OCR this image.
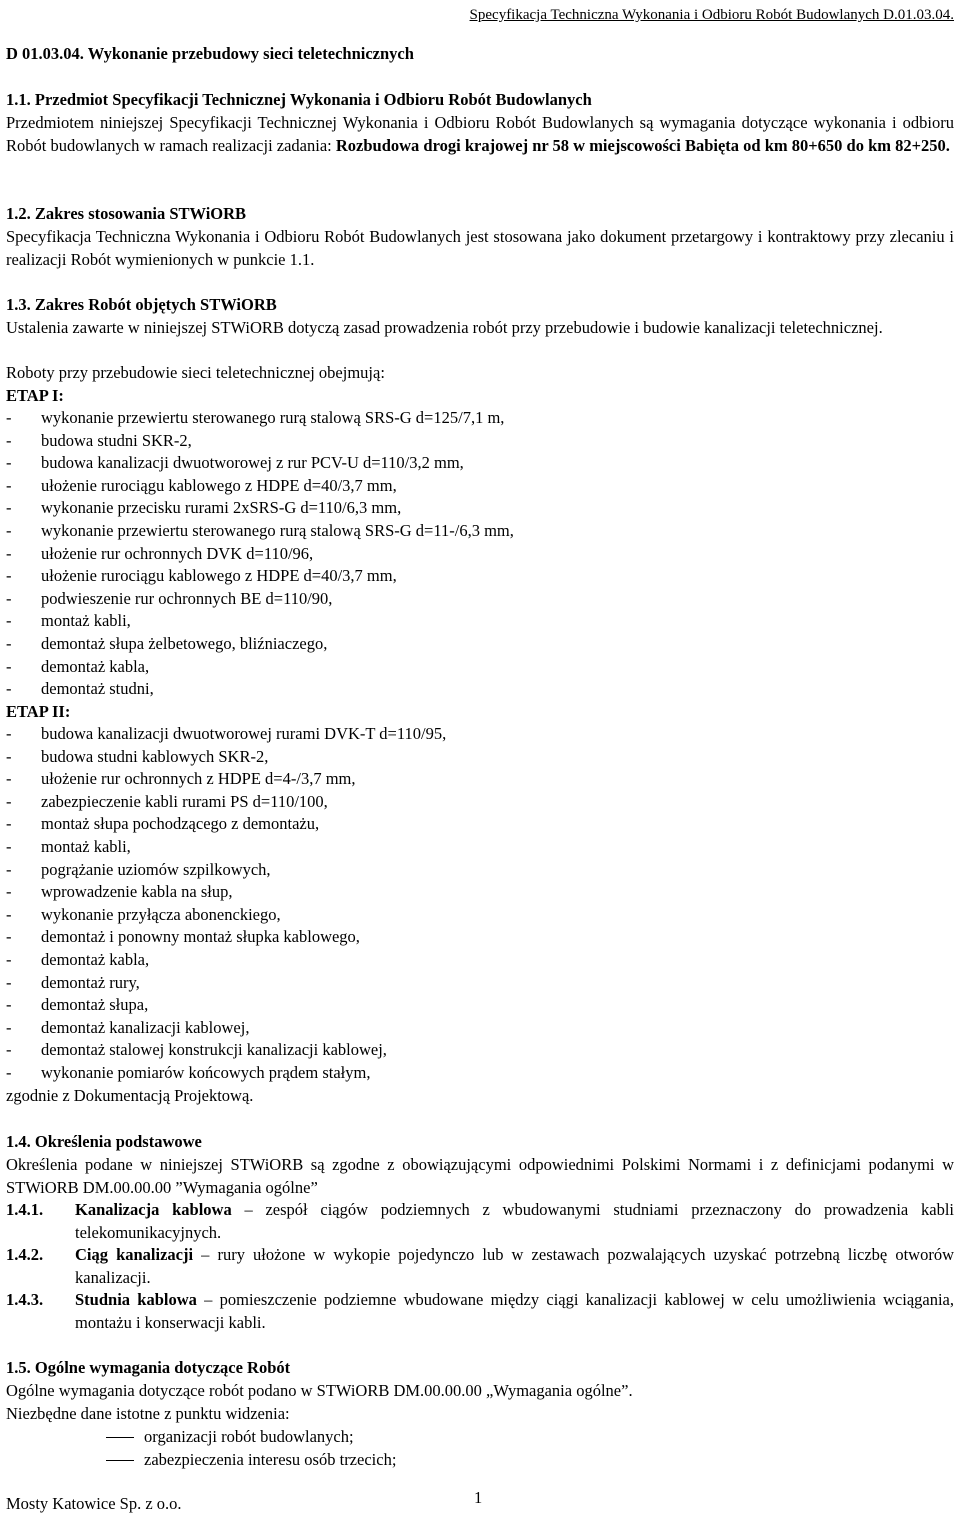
Specyfikacja Techniczna Wykonania i Odbioru Robót Budowlanych D.01.03.04.
D 01.03.04. Wykonanie przebudowy sieci teletechnicznych
1.1. Przedmiot Specyfikacji Technicznej Wykonania i Odbioru Robót Budowlanych
Przedmiotem niniejszej Specyfikacji Technicznej Wykonania i Odbioru Robót Budowlanych są wymagania dotyczące wykonania i odbioru Robót budowlanych w ramach realizacji zadania: Rozbudowa drogi krajowej nr 58 w miejscowości Babięta od km 80+650 do km 82+250.
1.2. Zakres stosowania STWiORB
Specyfikacja Techniczna Wykonania i Odbioru Robót Budowlanych jest stosowana jako dokument przetargowy i kontraktowy przy zlecaniu i realizacji Robót wymienionych w punkcie 1.1.
1.3. Zakres Robót objętych STWiORB
Ustalenia zawarte w niniejszej STWiORB dotyczą zasad prowadzenia robót przy przebudowie i budowie kanalizacji teletechnicznej.
Roboty przy przebudowie sieci teletechnicznej obejmują:
ETAP I:
- wykonanie przewiertu sterowanego rurą stalową SRS-G d=125/7,1 m,
- budowa studni SKR-2,
- budowa kanalizacji dwuotworowej z rur PCV-U d=110/3,2 mm,
- ułożenie rurociągu kablowego z HDPE d=40/3,7 mm,
- wykonanie przecisku rurami 2xSRS-G d=110/6,3 mm,
- wykonanie przewiertu sterowanego rurą stalową SRS-G d=11-/6,3 mm,
- ułożenie rur ochronnych DVK d=110/96,
- ułożenie rurociągu kablowego z HDPE d=40/3,7 mm,
- podwieszenie rur ochronnych BE d=110/90,
- montaż kabli,
- demontaż słupa żelbetowego, bliźniaczego,
- demontaż kabla,
- demontaż studni,
ETAP II:
- budowa kanalizacji dwuotworowej rurami DVK-T d=110/95,
- budowa studni kablowych SKR-2,
- ułożenie rur ochronnych z HDPE d=4-/3,7 mm,
- zabezpieczenie kabli rurami PS d=110/100,
- montaż słupa pochodzącego z demontażu,
- montaż kabli,
- pogrążanie uziomów szpilkowych,
- wprowadzenie kabla na słup,
- wykonanie przyłącza abonenckiego,
- demontaż i ponowny montaż słupka kablowego,
- demontaż kabla,
- demontaż rury,
- demontaż słupa,
- demontaż kanalizacji kablowej,
- demontaż stalowej konstrukcji kanalizacji kablowej,
- wykonanie pomiarów końcowych prądem stałym,
zgodnie z Dokumentacją Projektową.
1.4. Określenia podstawowe
Określenia podane w niniejszej STWiORB są zgodne z obowiązującymi odpowiednimi Polskimi Normami i z definicjami podanymi w STWiORB DM.00.00.00 ”Wymagania ogólne”
1.4.1. Kanalizacja kablowa – zespół ciągów podziemnych z wbudowanymi studniami przeznaczony do prowadzenia kabli telekomunikacyjnych.
1.4.2. Ciąg kanalizacji – rury ułożone w wykopie pojedynczo lub w zestawach pozwalających uzyskać potrzebną liczbę otworów kanalizacji.
1.4.3. Studnia kablowa – pomieszczenie podziemne wbudowane między ciągi kanalizacji kablowej w celu umożliwienia wciągania, montażu i konserwacji kabli.
1.5. Ogólne wymagania dotyczące Robót
Ogólne wymagania dotyczące robót podano w STWiORB DM.00.00.00 „Wymagania ogólne”.
Niezbędne dane istotne z punktu widzenia:
organizacji robót budowlanych;
zabezpieczenia interesu osób trzecich;
Mosty Katowice Sp. z o.o.	1
